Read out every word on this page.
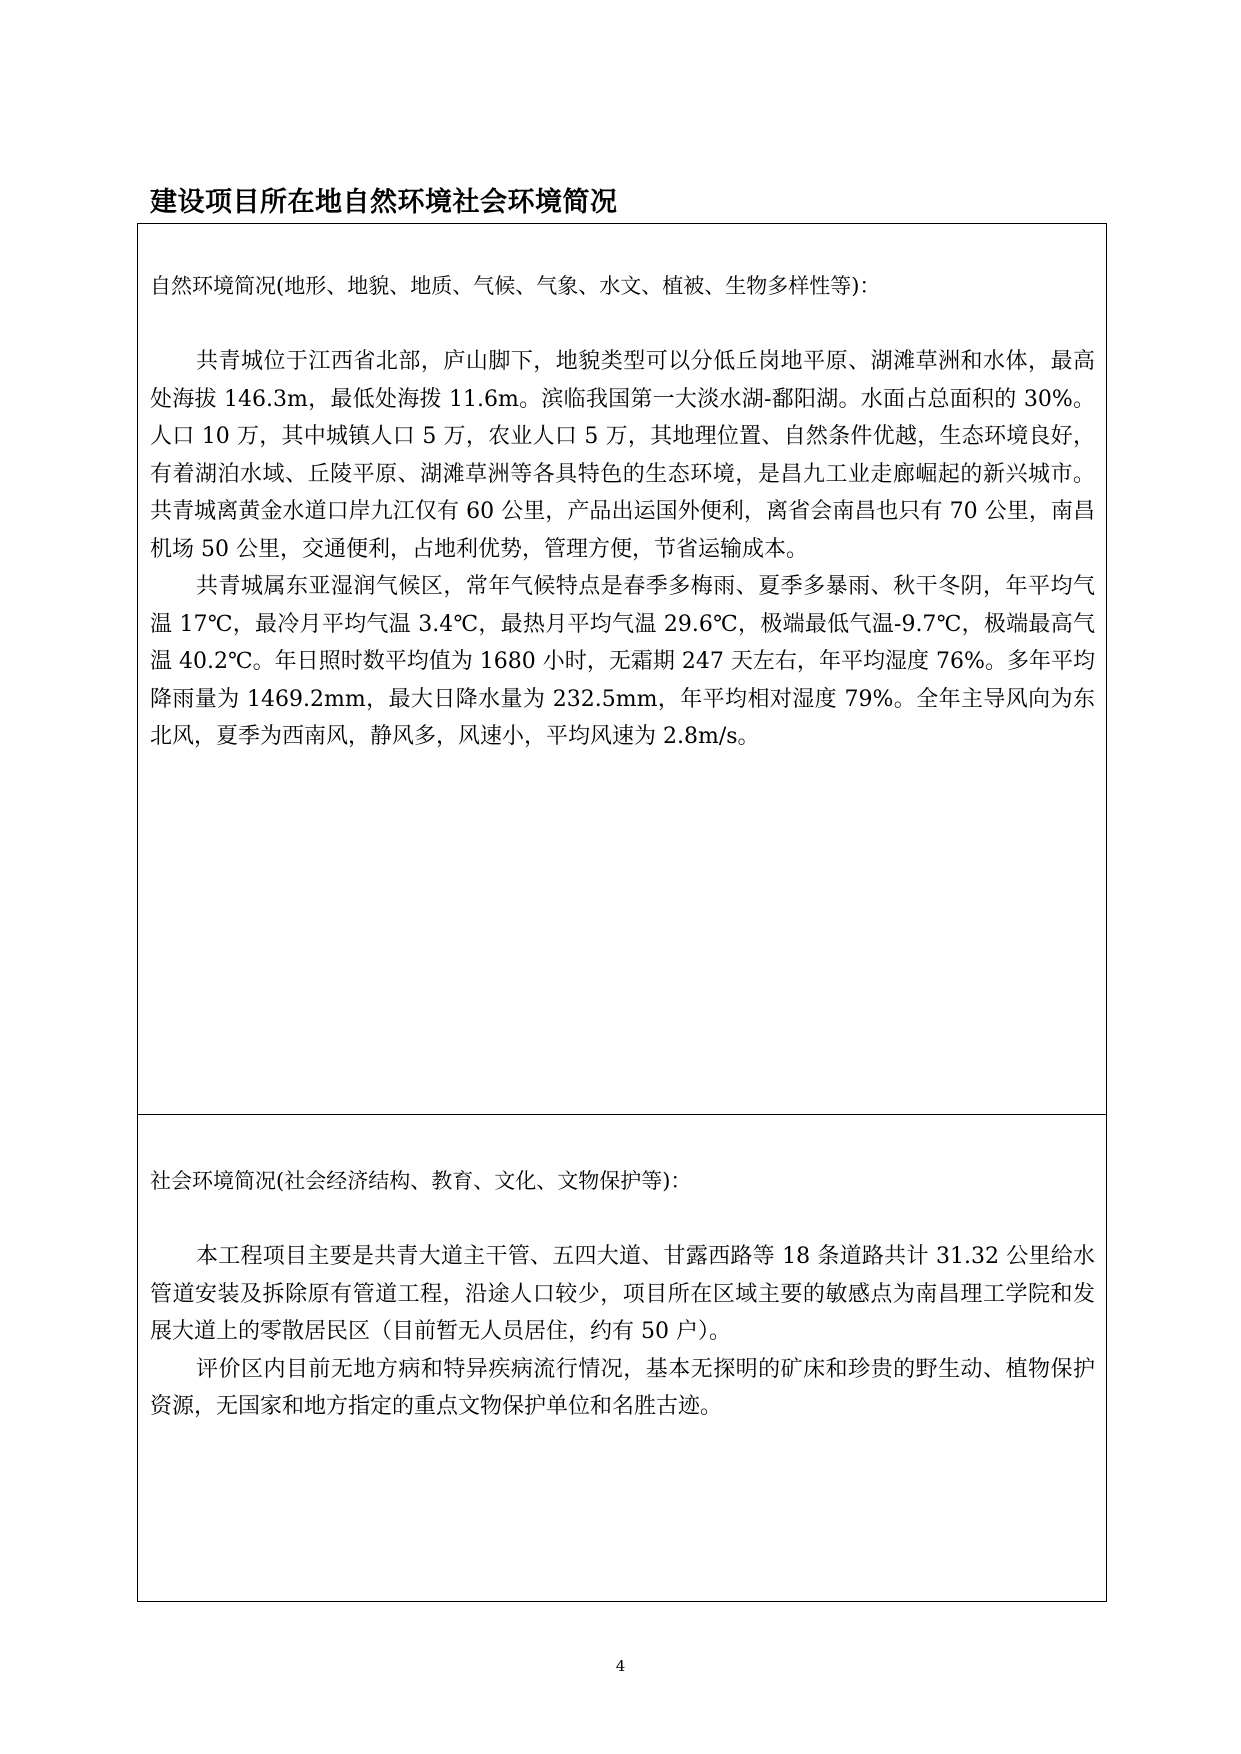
建设项目所在地自然环境社会环境简况

自然环境简况(地形、地貌、地质、气候、气象、水文、植被、生物多样性等)：

共青城位于江西省北部，庐山脚下，地貌类型可以分低丘岗地平原、湖滩草洲和水体，最高处海拔 146.3m，最低处海拨 11.6m。滨临我国第一大淡水湖-鄱阳湖。水面占总面积的 30%。人口 10 万，其中城镇人口 5 万，农业人口 5 万，其地理位置、自然条件优越，生态环境良好，有着湖泊水域、丘陵平原、湖滩草洲等各具特色的生态环境，是昌九工业走廊崛起的新兴城市。共青城离黄金水道口岸九江仅有 60 公里，产品出运国外便利，离省会南昌也只有 70 公里，南昌机场 50 公里，交通便利，占地利优势，管理方便，节省运输成本。

共青城属东亚湿润气候区，常年气候特点是春季多梅雨、夏季多暴雨、秋干冬阴，年平均气温 17℃，最冷月平均气温 3.4℃，最热月平均气温 29.6℃，极端最低气温-9.7℃，极端最高气温 40.2℃。年日照时数平均值为 1680 小时，无霜期 247 天左右，年平均湿度 76%。多年平均降雨量为 1469.2mm，最大日降水量为 232.5mm，年平均相对湿度 79%。全年主导风向为东北风，夏季为西南风，静风多，风速小，平均风速为 2.8m/s。

社会环境简况(社会经济结构、教育、文化、文物保护等)：

本工程项目主要是共青大道主干管、五四大道、甘露西路等 18 条道路共计 31.32 公里给水管道安装及拆除原有管道工程，沿途人口较少，项目所在区域主要的敏感点为南昌理工学院和发展大道上的零散居民区（目前暂无人员居住，约有 50 户）。

评价区内目前无地方病和特异疾病流行情况，基本无探明的矿床和珍贵的野生动、植物保护资源，无国家和地方指定的重点文物保护单位和名胜古迹。

4
